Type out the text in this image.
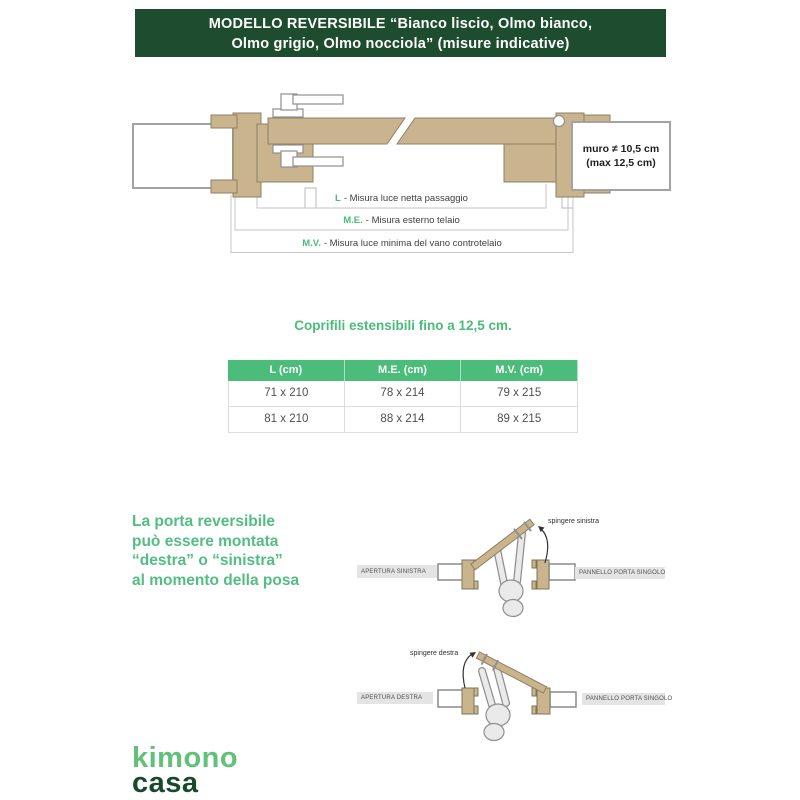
MODELLO REVERSIBILE “Bianco liscio, Olmo bianco,
Olmo grigio, Olmo nocciola” (misure indicative)
muro ≠ 10,5 cm
(max 12,5 cm)
L - Misura luce netta passaggio
M.E. - Misura esterno telaio
M.V. - Misura luce minima del vano controtelaio
Coprifili estensibili fino a 12,5 cm.
L (cm)	M.E. (cm)	M.V. (cm)
71 x 210	78 x 214	79 x 215
81 x 210	88 x 214	89 x 215
La porta reversibile
può essere montata
“destra” o “sinistra”
al momento della posa
spingere sinistra
APERTURA SINISTRA	PANNELLO PORTA SINGOLO
spingere destra
APERTURA DESTRA	PANNELLO PORTA SINGOLO
kimono
casa
